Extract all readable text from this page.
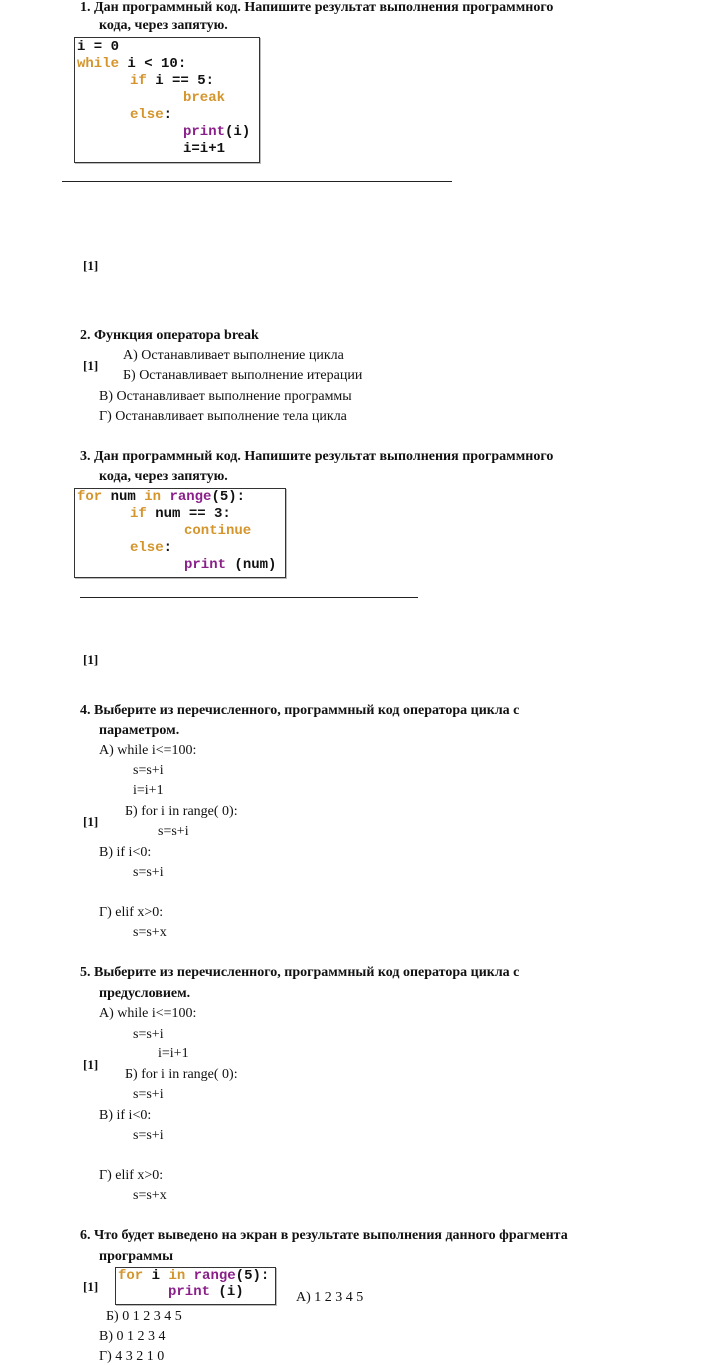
1. Дан программный код. Напишите результат выполнения программного
кода, через запятую.
i = 0
while i < 10:
if i == 5:
break
else:
print(i)
i=i+1
[1]
2. Функция оператора break
[1]
А) Останавливает выполнение цикла
Б) Останавливает выполнение итерации
В) Останавливает выполнение программы
Г) Останавливает выполнение тела цикла
3. Дан программный код. Напишите результат выполнения программного
кода, через запятую.
for num in range(5):
if num == 3:
continue
else:
print (num)
[1]
4. Выберите из перечисленного, программный код оператора цикла с
параметром.
[1]
А) while i<=100:
s=s+i
i=i+1
Б) for i in range( 0):
s=s+i
В) if i<0:
s=s+i
Г) elif x>0:
s=s+x
5. Выберите из перечисленного, программный код оператора цикла с
предусловием.
[1]
А) while i<=100:
s=s+i
i=i+1
Б) for i in range( 0):
s=s+i
В) if i<0:
s=s+i
Г) elif x>0:
s=s+x
6. Что будет выведено на экран в результате выполнения данного фрагмента
программы
[1]
for i in range(5):
print (i)	А) 1 2 3 4 5
Б) 0 1 2 3 4 5
В) 0 1 2 3 4
Г) 4 3 2 1 0
